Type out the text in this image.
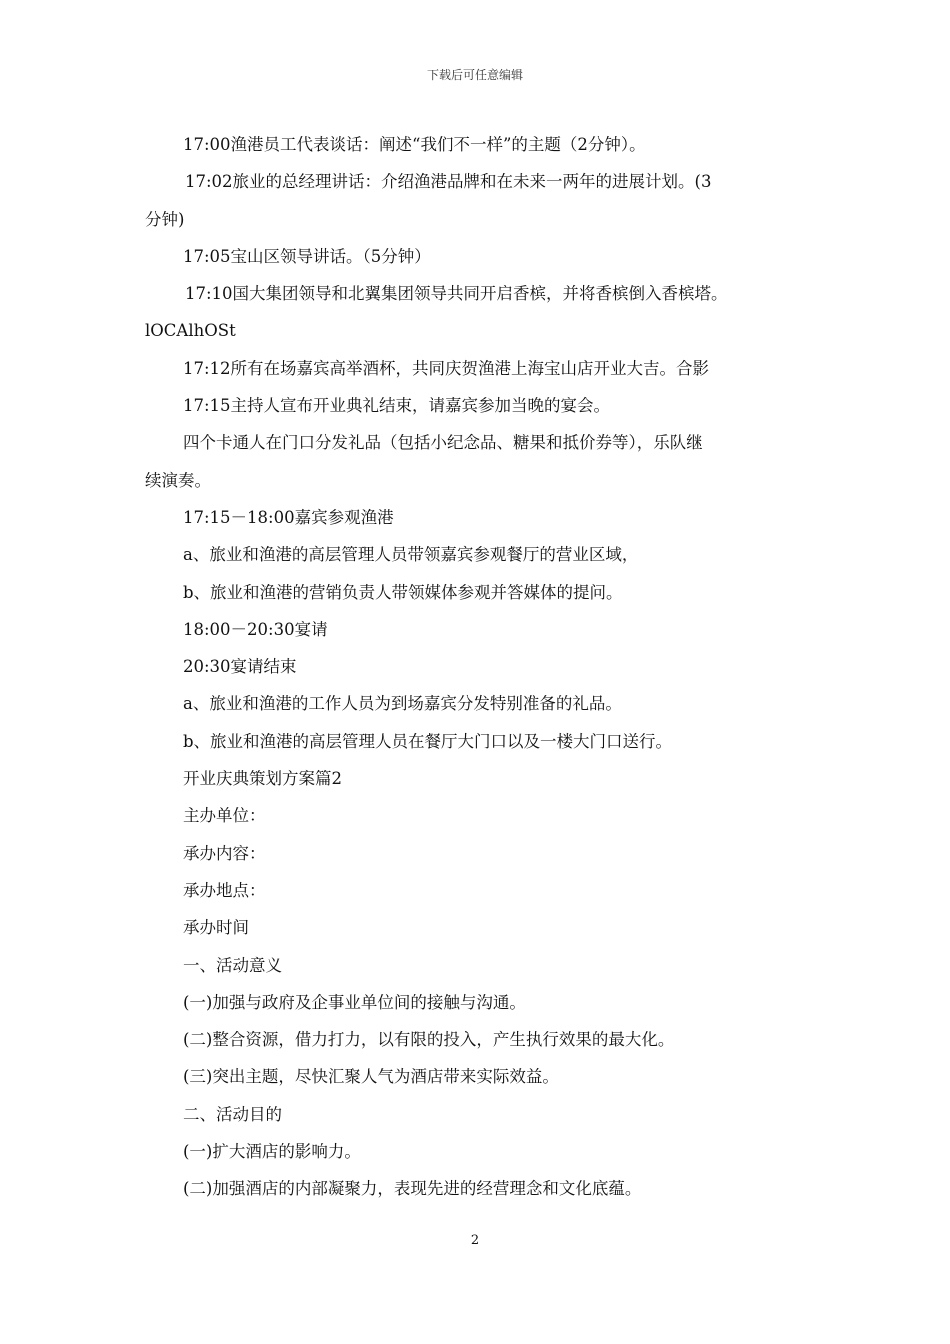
下载后可任意编辑

17:00渔港员工代表谈话：阐述“我们不一样”的主题（2分钟）。

17:02旅业的总经理讲话：介绍渔港品牌和在未来一两年的进展计划。(3

分钟)

17:05宝山区领导讲话。（5分钟）

17:10国大集团领导和北翼集团领导共同开启香槟，并将香槟倒入香槟塔。

lOCAlhOSt

17:12所有在场嘉宾高举酒杯，共同庆贺渔港上海宝山店开业大吉。合影

17:15主持人宣布开业典礼结束，请嘉宾参加当晚的宴会。

四个卡通人在门口分发礼品（包括小纪念品、糖果和抵价券等），乐队继

续演奏。

17:15－18:00嘉宾参观渔港

a、旅业和渔港的高层管理人员带领嘉宾参观餐厅的营业区域，

b、旅业和渔港的营销负责人带领媒体参观并答媒体的提问。

18:00－20:30宴请

20:30宴请结束

a、旅业和渔港的工作人员为到场嘉宾分发特别准备的礼品。

b、旅业和渔港的高层管理人员在餐厅大门口以及一楼大门口送行。

开业庆典策划方案篇2

主办单位：

承办内容：

承办地点：

承办时间

一、活动意义

(一)加强与政府及企事业单位间的接触与沟通。

(二)整合资源，借力打力，以有限的投入，产生执行效果的最大化。

(三)突出主题，尽快汇聚人气为酒店带来实际效益。

二、活动目的

(一)扩大酒店的影响力。

(二)加强酒店的内部凝聚力，表现先进的经营理念和文化底蕴。

2
